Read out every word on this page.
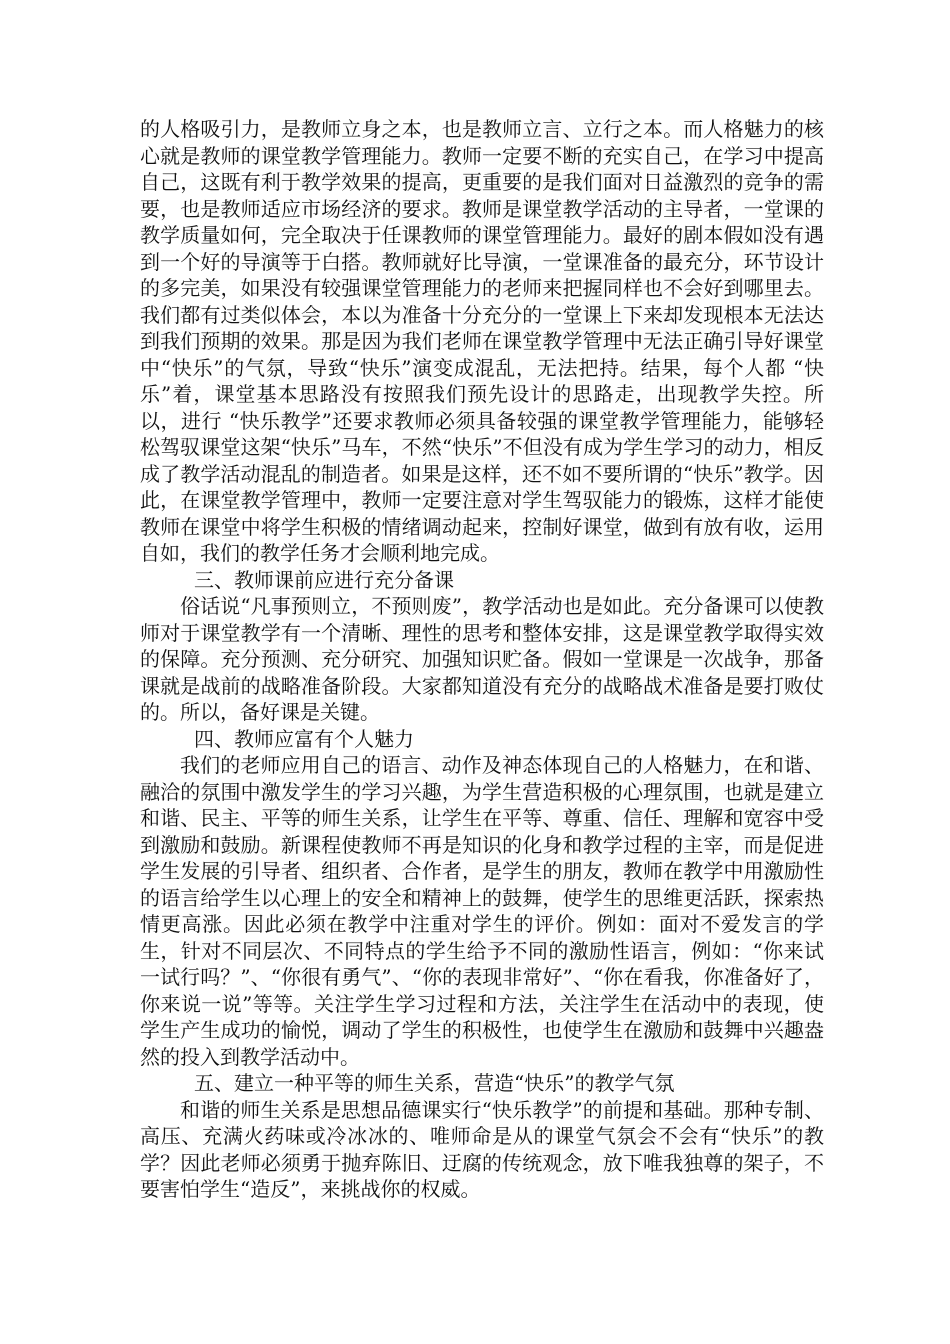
的人格吸引力，是教师立身之本，也是教师立言、立行之本。而人格魅力的核心就是教师的课堂教学管理能力。教师一定要不断的充实自己，在学习中提高自己，这既有利于教学效果的提高，更重要的是我们面对日益激烈的竞争的需要，也是教师适应市场经济的要求。教师是课堂教学活动的主导者，一堂课的教学质量如何，完全取决于任课教师的课堂管理能力。最好的剧本假如没有遇到一个好的导演等于白搭。教师就好比导演，一堂课准备的最充分，环节设计的多完美，如果没有较强课堂管理能力的老师来把握同样也不会好到哪里去。我们都有过类似体会，本以为准备十分充分的一堂课上下来却发现根本无法达到我们预期的效果。那是因为我们老师在课堂教学管理中无法正确引导好课堂中“快乐”的气氛，导致“快乐”演变成混乱，无法把持。结果，每个人都 “快乐”着，课堂基本思路没有按照我们预先设计的思路走，出现教学失控。所以，进行 “快乐教学”还要求教师必须具备较强的课堂教学管理能力，能够轻松驾驭课堂这架“快乐”马车，不然“快乐”不但没有成为学生学习的动力，相反成了教学活动混乱的制造者。如果是这样，还不如不要所谓的“快乐”教学。因此，在课堂教学管理中，教师一定要注意对学生驾驭能力的锻炼，这样才能使教师在课堂中将学生积极的情绪调动起来，控制好课堂，做到有放有收，运用自如，我们的教学任务才会顺利地完成。

三、教师课前应进行充分备课

俗话说“凡事预则立，不预则废”，教学活动也是如此。充分备课可以使教师对于课堂教学有一个清晰、理性的思考和整体安排，这是课堂教学取得实效的保障。充分预测、充分研究、加强知识贮备。假如一堂课是一次战争，那备课就是战前的战略准备阶段。大家都知道没有充分的战略战术准备是要打败仗的。所以，备好课是关键。

四、教师应富有个人魅力

我们的老师应用自己的语言、动作及神态体现自己的人格魅力，在和谐、融洽的氛围中激发学生的学习兴趣，为学生营造积极的心理氛围，也就是建立和谐、民主、平等的师生关系，让学生在平等、尊重、信任、理解和宽容中受到激励和鼓励。新课程使教师不再是知识的化身和教学过程的主宰，而是促进学生发展的引导者、组织者、合作者，是学生的朋友，教师在教学中用激励性的语言给学生以心理上的安全和精神上的鼓舞，使学生的思维更活跃，探索热情更高涨。因此必须在教学中注重对学生的评价。例如：面对不爱发言的学生，针对不同层次、不同特点的学生给予不同的激励性语言，例如：“你来试一试行吗？”、“你很有勇气”、“你的表现非常好”、“你在看我，你准备好了，你来说一说”等等。关注学生学习过程和方法，关注学生在活动中的表现，使学生产生成功的愉悦，调动了学生的积极性，也使学生在激励和鼓舞中兴趣盎然的投入到教学活动中。

五、建立一种平等的师生关系，营造“快乐”的教学气氛

和谐的师生关系是思想品德课实行“快乐教学”的前提和基础。那种专制、高压、充满火药味或冷冰冰的、唯师命是从的课堂气氛会不会有“快乐”的教学？因此老师必须勇于抛弃陈旧、迂腐的传统观念，放下唯我独尊的架子，不要害怕学生“造反”，来挑战你的权威。
